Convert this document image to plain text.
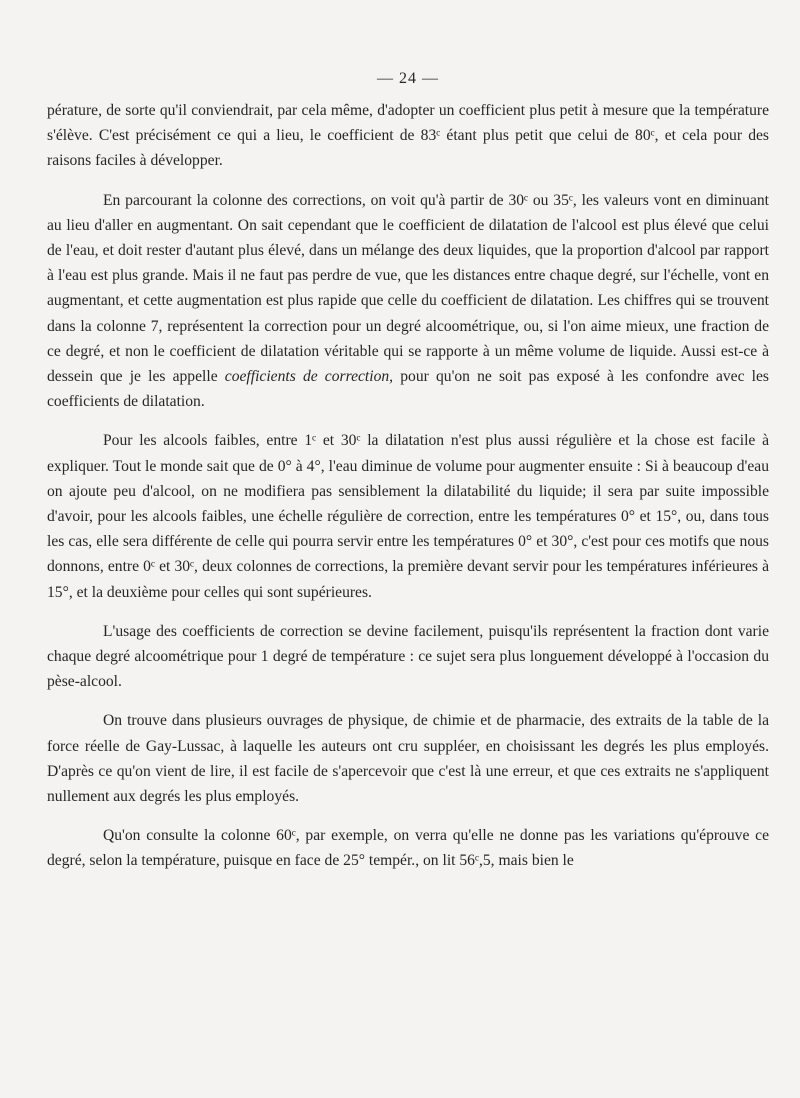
— 24 —

pérature, de sorte qu'il conviendrait, par cela même, d'adopter un coefficient plus petit à mesure que la température s'élève. C'est précisément ce qui a lieu, le coefficient de 83ᶜ étant plus petit que celui de 80ᶜ, et cela pour des raisons faciles à développer.

En parcourant la colonne des corrections, on voit qu'à partir de 30ᶜ ou 35ᶜ, les valeurs vont en diminuant au lieu d'aller en augmentant. On sait cependant que le coefficient de dilatation de l'alcool est plus élevé que celui de l'eau, et doit rester d'autant plus élevé, dans un mélange des deux liquides, que la proportion d'alcool par rapport à l'eau est plus grande. Mais il ne faut pas perdre de vue, que les distances entre chaque degré, sur l'échelle, vont en augmentant, et cette augmentation est plus rapide que celle du coefficient de dilatation. Les chiffres qui se trouvent dans la colonne 7, représentent la correction pour un degré alcoométrique, ou, si l'on aime mieux, une fraction de ce degré, et non le coefficient de dilatation véritable qui se rapporte à un même volume de liquide. Aussi est-ce à dessein que je les appelle coefficients de correction, pour qu'on ne soit pas exposé à les confondre avec les coefficients de dilatation.

Pour les alcools faibles, entre 1ᶜ et 30ᶜ la dilatation n'est plus aussi régulière et la chose est facile à expliquer. Tout le monde sait que de 0° à 4°, l'eau diminue de volume pour augmenter ensuite : Si à beaucoup d'eau on ajoute peu d'alcool, on ne modifiera pas sensiblement la dilatabilité du liquide; il sera par suite impossible d'avoir, pour les alcools faibles, une échelle régulière de correction, entre les températures 0° et 15°, ou, dans tous les cas, elle sera différente de celle qui pourra servir entre les températures 0° et 30°, c'est pour ces motifs que nous donnons, entre 0ᶜ et 30ᶜ, deux colonnes de corrections, la première devant servir pour les températures inférieures à 15°, et la deuxième pour celles qui sont supérieures.

L'usage des coefficients de correction se devine facilement, puisqu'ils représentent la fraction dont varie chaque degré alcoométrique pour 1 degré de température : ce sujet sera plus longuement développé à l'occasion du pèse-alcool.

On trouve dans plusieurs ouvrages de physique, de chimie et de pharmacie, des extraits de la table de la force réelle de Gay-Lussac, à laquelle les auteurs ont cru suppléer, en choisissant les degrés les plus employés. D'après ce qu'on vient de lire, il est facile de s'apercevoir que c'est là une erreur, et que ces extraits ne s'appliquent nullement aux degrés les plus employés.

Qu'on consulte la colonne 60ᶜ, par exemple, on verra qu'elle ne donne pas les variations qu'éprouve ce degré, selon la température, puisque en face de 25° tempér., on lit 56ᶜ,5, mais bien le
